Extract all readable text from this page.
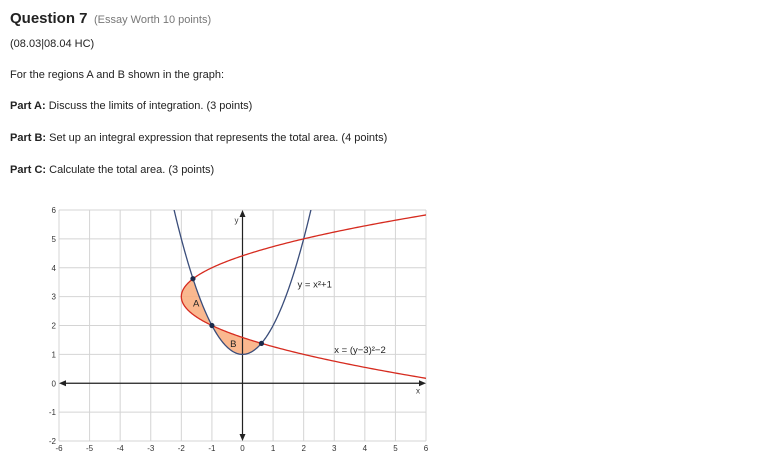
Question 7 (Essay Worth 10 points)
(08.03|08.04 HC)
For the regions A and B shown in the graph:
Part A: Discuss the limits of integration. (3 points)
Part B: Set up an integral expression that represents the total area. (4 points)
Part C: Calculate the total area. (3 points)
-6	-5	-4	-3	-2	-1	0	1	2	3	4	5	6
-2
-1
0
1
2
3
4
5
6
x
y
y = x²+1
x = (y−3)²−2
A
B
